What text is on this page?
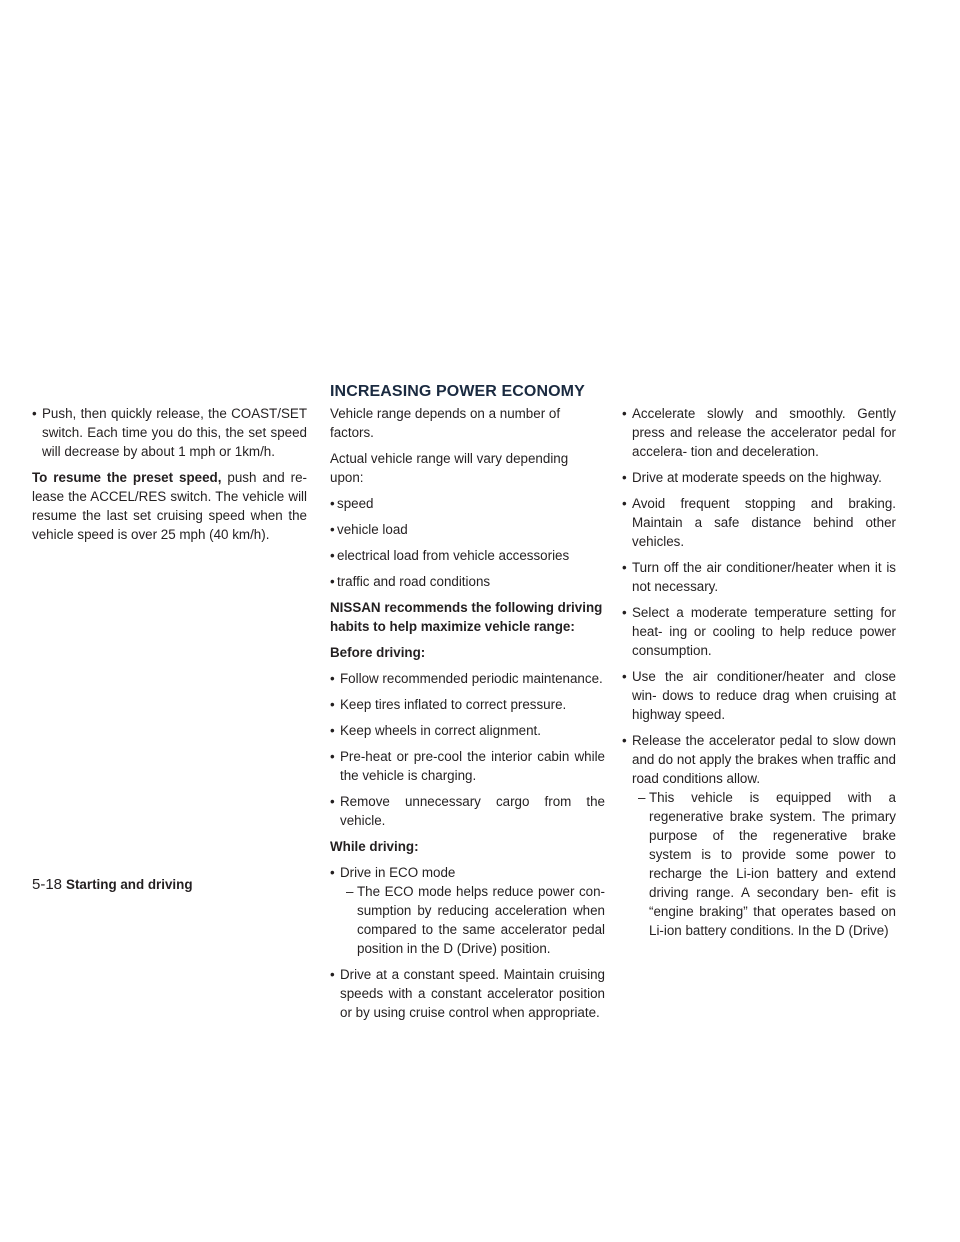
• Push, then quickly release, the COAST/SET switch. Each time you do this, the set speed will decrease by about 1 mph or 1km/h.

To resume the preset speed, push and re- lease the ACCEL/RES switch. The vehicle will resume the last set cruising speed when the vehicle speed is over 25 mph (40 km/h).

INCREASING POWER ECONOMY

Vehicle range depends on a number of factors.

Actual vehicle range will vary depending upon:

• speed
• vehicle load
• electrical load from vehicle accessories
• traffic and road conditions

NISSAN recommends the following driving habits to help maximize vehicle range:

Before driving:

• Follow recommended periodic maintenance.
• Keep tires inflated to correct pressure.
• Keep wheels in correct alignment.
• Pre-heat or pre-cool the interior cabin while the vehicle is charging.
• Remove unnecessary cargo from the vehicle.

While driving:

• Drive in ECO mode
– The ECO mode helps reduce power con- sumption by reducing acceleration when compared to the same accelerator pedal position in the D (Drive) position.
• Drive at a constant speed. Maintain cruising speeds with a constant accelerator position or by using cruise control when appropriate.
• Accelerate slowly and smoothly. Gently press and release the accelerator pedal for accelera- tion and deceleration.
• Drive at moderate speeds on the highway.
• Avoid frequent stopping and braking. Maintain a safe distance behind other vehicles.
• Turn off the air conditioner/heater when it is not necessary.
• Select a moderate temperature setting for heat- ing or cooling to help reduce power consumption.
• Use the air conditioner/heater and close win- dows to reduce drag when cruising at highway speed.
• Release the accelerator pedal to slow down and do not apply the brakes when traffic and road conditions allow.
– This vehicle is equipped with a regenerative brake system. The primary purpose of the regenerative brake system is to provide some power to recharge the Li-ion battery and extend driving range. A secondary ben- efit is “engine braking” that operates based on Li-ion battery conditions. In the D (Drive)
5-18 Starting and driving
